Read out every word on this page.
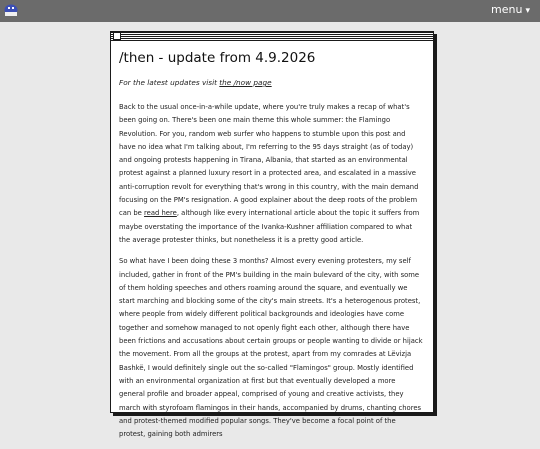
menu ▾
/then - update from 4.9.2026
For the latest updates visit the /now page

Back to the usual once-in-a-while update, where you're truly makes a recap of what's been going on. There's been one main theme this whole summer: the Flamingo Revolution. For you, random web surfer who happens to stumble upon this post and have no idea what I'm talking about, I'm referring to the 95 days straight (as of today) and ongoing protests happening in Tirana, Albania, that started as an environmental protest against a planned luxury resort in a protected area, and escalated in a massive anti-corruption revolt for everything that's wrong in this country, with the main demand focusing on the PM's resignation. A good explainer about the deep roots of the problem can be read here, although like every international article about the topic it suffers from maybe overstating the importance of the Ivanka-Kushner affiliation compared to what the average protester thinks, but nonetheless it is a pretty good article.

So what have I been doing these 3 months? Almost every evening protesters, my self included, gather in front of the PM's building in the main bulevard of the city, with some of them holding speeches and others roaming around the square, and eventually we start marching and blocking some of the city's main streets. It's a heterogenous protest, where people from widely different political backgrounds and ideologies have come together and somehow managed to not openly fight each other, although there have been frictions and accusations about certain groups or people wanting to divide or hijack the movement. From all the groups at the protest, apart from my comrades at Lëvizja Bashkë, I would definitely single out the so-called "Flamingos" group. Mostly identified with an environmental organization at first but that eventually developed a more general profile and broader appeal, comprised of young and creative activists, they march with styrofoam flamingos in their hands, accompanied by drums, chanting chores and protest-themed modified popular songs. They've become a focal point of the protest, gaining both admirers
